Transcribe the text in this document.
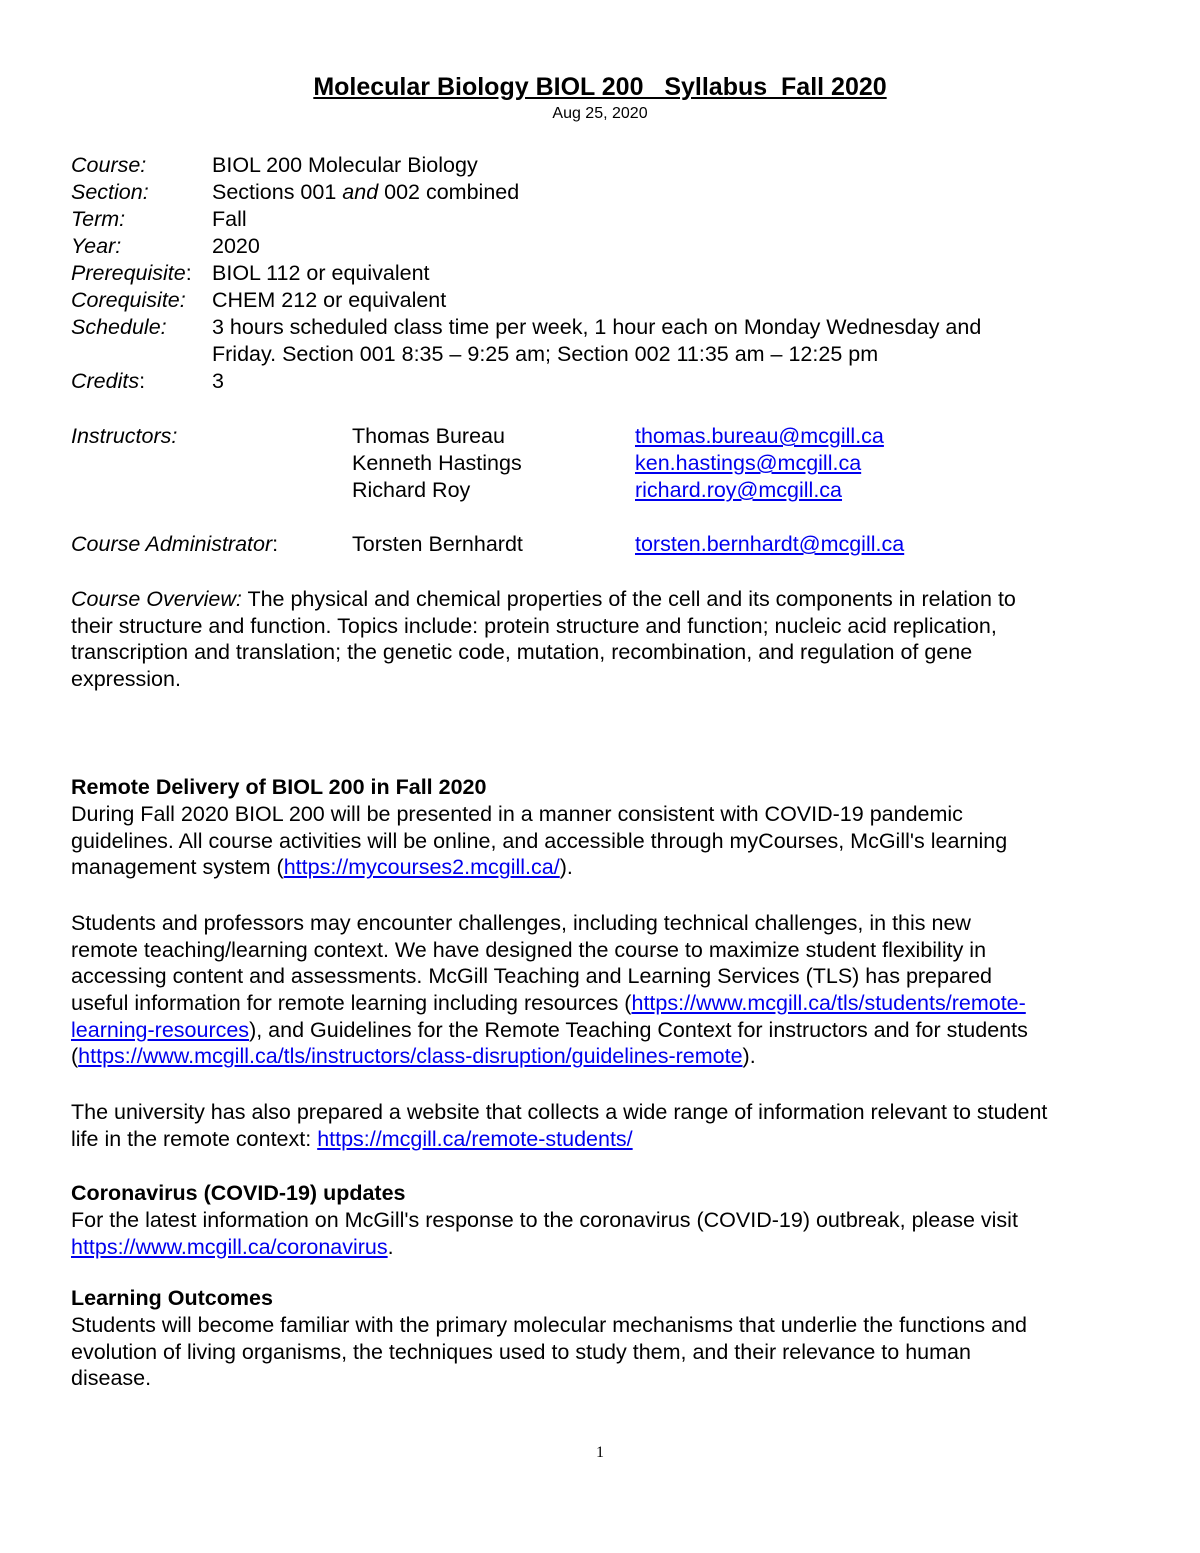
Molecular Biology BIOL 200   Syllabus  Fall 2020
Aug 25, 2020
Course:	BIOL 200 Molecular Biology
Section:	Sections 001 and 002 combined
Term:	Fall
Year:	2020
Prerequisite: BIOL 112 or equivalent
Corequisite: CHEM 212 or equivalent
Schedule: 3 hours scheduled class time per week, 1 hour each on Monday Wednesday and
Friday. Section 001 8:35 – 9:25 am; Section 002 11:35 am – 12:25 pm
Credits:	3
Instructors:	Thomas Bureau	thomas.bureau@mcgill.ca
Kenneth Hastings	ken.hastings@mcgill.ca
Richard Roy	richard.roy@mcgill.ca
Course Administrator:	Torsten Bernhardt	torsten.bernhardt@mcgill.ca
Course Overview: The physical and chemical properties of the cell and its components in relation to
their structure and function. Topics include: protein structure and function; nucleic acid replication,
transcription and translation; the genetic code, mutation, recombination, and regulation of gene
expression.
Remote Delivery of BIOL 200 in Fall 2020
During Fall 2020 BIOL 200 will be presented in a manner consistent with COVID-19 pandemic
guidelines. All course activities will be online, and accessible through myCourses, McGill's learning
management system (https://mycourses2.mcgill.ca/).
Students and professors may encounter challenges, including technical challenges, in this new
remote teaching/learning context. We have designed the course to maximize student flexibility in
accessing content and assessments. McGill Teaching and Learning Services (TLS) has prepared
useful information for remote learning including resources (https://www.mcgill.ca/tls/students/remote-
learning-resources), and Guidelines for the Remote Teaching Context for instructors and for students
(https://www.mcgill.ca/tls/instructors/class-disruption/guidelines-remote).
The university has also prepared a website that collects a wide range of information relevant to student
life in the remote context: https://mcgill.ca/remote-students/
Coronavirus (COVID-19) updates
For the latest information on McGill's response to the coronavirus (COVID-19) outbreak, please visit
https://www.mcgill.ca/coronavirus.
Learning Outcomes
Students will become familiar with the primary molecular mechanisms that underlie the functions and
evolution of living organisms, the techniques used to study them, and their relevance to human
disease.
1
